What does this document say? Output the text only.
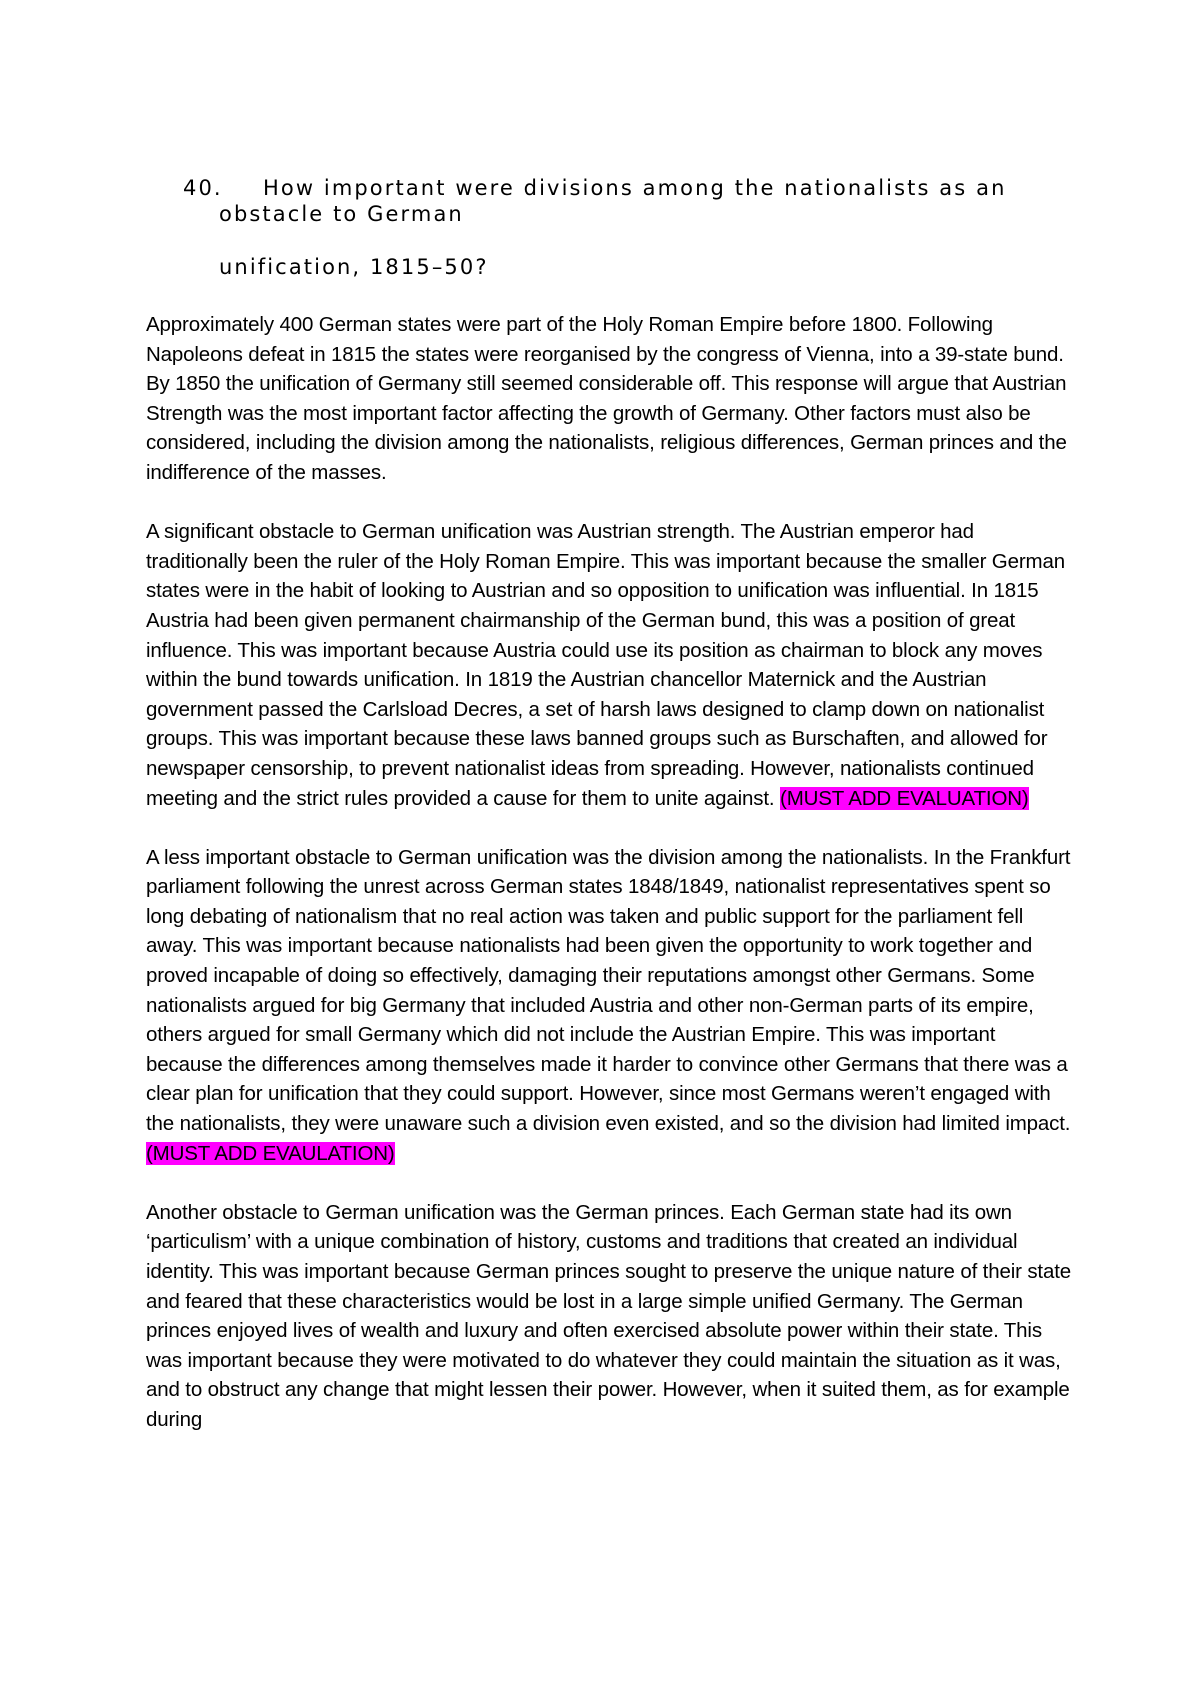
40.	How important were divisions among the nationalists as an
obstacle to German
unification, 1815–50?

Approximately 400 German states were part of the Holy Roman Empire before 1800. Following Napoleons defeat in 1815 the states were reorganised by the congress of Vienna, into a 39-state bund. By 1850 the unification of Germany still seemed considerable off. This response will argue that Austrian Strength was the most important factor affecting the growth of Germany. Other factors must also be considered, including the division among the nationalists, religious differences, German princes and the indifference of the masses.

A significant obstacle to German unification was Austrian strength. The Austrian emperor had traditionally been the ruler of the Holy Roman Empire. This was important because the smaller German states were in the habit of looking to Austrian and so opposition to unification was influential. In 1815 Austria had been given permanent chairmanship of the German bund, this was a position of great influence. This was important because Austria could use its position as chairman to block any moves within the bund towards unification. In 1819 the Austrian chancellor Maternick and the Austrian government passed the Carlsload Decres, a set of harsh laws designed to clamp down on nationalist groups. This was important because these laws banned groups such as Burschaften, and allowed for newspaper censorship, to prevent nationalist ideas from spreading. However, nationalists continued meeting and the strict rules provided a cause for them to unite against. (MUST ADD EVALUATION)

A less important obstacle to German unification was the division among the nationalists. In the Frankfurt parliament following the unrest across German states 1848/1849, nationalist representatives spent so long debating of nationalism that no real action was taken and public support for the parliament fell away. This was important because nationalists had been given the opportunity to work together and proved incapable of doing so effectively, damaging their reputations amongst other Germans. Some nationalists argued for big Germany that included Austria and other non-German parts of its empire, others argued for small Germany which did not include the Austrian Empire. This was important because the differences among themselves made it harder to convince other Germans that there was a clear plan for unification that they could support. However, since most Germans weren’t engaged with the nationalists, they were unaware such a division even existed, and so the division had limited impact. (MUST ADD EVAULATION)

Another obstacle to German unification was the German princes. Each German state had its own ‘particulism’ with a unique combination of history, customs and traditions that created an individual identity. This was important because German princes sought to preserve the unique nature of their state and feared that these characteristics would be lost in a large simple unified Germany. The German princes enjoyed lives of wealth and luxury and often exercised absolute power within their state. This was important because they were motivated to do whatever they could maintain the situation as it was, and to obstruct any change that might lessen their power. However, when it suited them, as for example during
